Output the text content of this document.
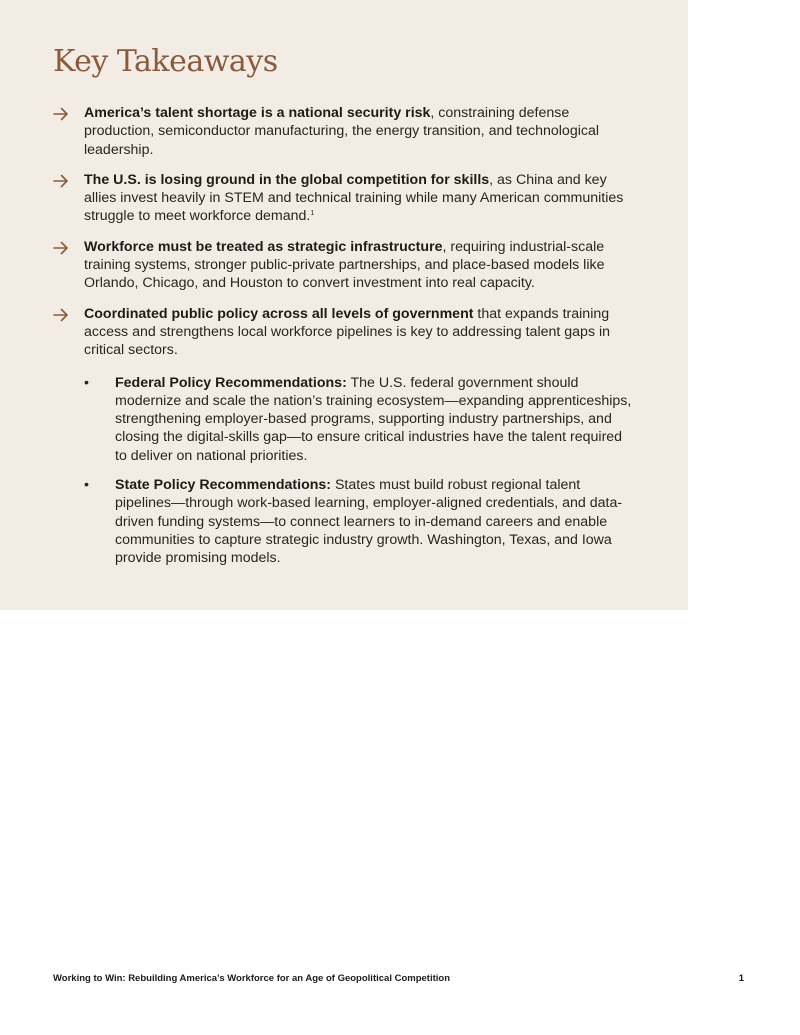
Key Takeaways
America’s talent shortage is a national security risk, constraining defense production, semiconductor manufacturing, the energy transition, and technological leadership.
The U.S. is losing ground in the global competition for skills, as China and key allies invest heavily in STEM and technical training while many American communities struggle to meet workforce demand.$^1$
Workforce must be treated as strategic infrastructure, requiring industrial-scale training systems, stronger public-private partnerships, and place-based models like Orlando, Chicago, and Houston to convert investment into real capacity.
Coordinated public policy across all levels of government that expands training access and strengthens local workforce pipelines is key to addressing talent gaps in critical sectors.
• Federal Policy Recommendations: The U.S. federal government should modernize and scale the nation’s training ecosystem—expanding apprenticeships, strengthening employer-based programs, supporting industry partnerships, and closing the digital-skills gap—to ensure critical industries have the talent required to deliver on national priorities.
• State Policy Recommendations: States must build robust regional talent pipelines—through work-based learning, employer-aligned credentials, and data-driven funding systems—to connect learners to in-demand careers and enable communities to capture strategic industry growth. Washington, Texas, and Iowa provide promising models.
Working to Win: Rebuilding America’s Workforce for an Age of Geopolitical Competition	1
